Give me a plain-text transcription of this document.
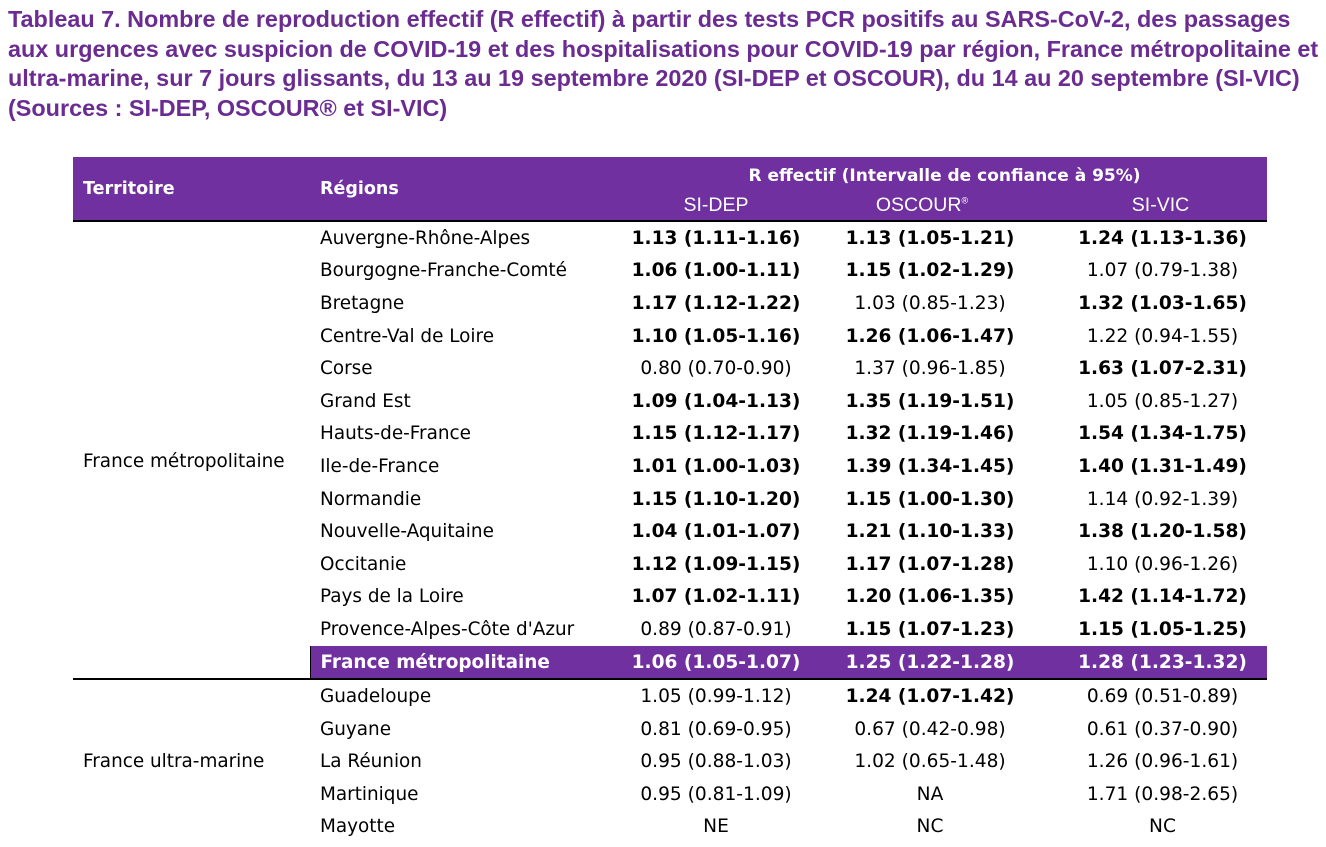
Tableau 7. Nombre de reproduction effectif (R effectif) à partir des tests PCR positifs au SARS-CoV-2, des passages aux urgences avec suspicion de COVID-19 et des hospitalisations pour COVID-19 par région, France métropolitaine et ultra-marine, sur 7 jours glissants, du 13 au 19 septembre 2020 (SI-DEP et OSCOUR), du 14 au 20 septembre (SI-VIC) (Sources : SI-DEP, OSCOUR® et SI-VIC)

Territoire	Régions	R effectif (Intervalle de confiance à 95%)		
		SI-DEP	OSCOUR®	SI-VIC
France métropolitaine	Auvergne-Rhône-Alpes	1.13 (1.11-1.16)	1.13 (1.05-1.21)	1.24 (1.13-1.36)
	Bourgogne-Franche-Comté	1.06 (1.00-1.11)	1.15 (1.02-1.29)	1.07 (0.79-1.38)
	Bretagne	1.17 (1.12-1.22)	1.03 (0.85-1.23)	1.32 (1.03-1.65)
	Centre-Val de Loire	1.10 (1.05-1.16)	1.26 (1.06-1.47)	1.22 (0.94-1.55)
	Corse	0.80 (0.70-0.90)	1.37 (0.96-1.85)	1.63 (1.07-2.31)
	Grand Est	1.09 (1.04-1.13)	1.35 (1.19-1.51)	1.05 (0.85-1.27)
	Hauts-de-France	1.15 (1.12-1.17)	1.32 (1.19-1.46)	1.54 (1.34-1.75)
	Ile-de-France	1.01 (1.00-1.03)	1.39 (1.34-1.45)	1.40 (1.31-1.49)
	Normandie	1.15 (1.10-1.20)	1.15 (1.00-1.30)	1.14 (0.92-1.39)
	Nouvelle-Aquitaine	1.04 (1.01-1.07)	1.21 (1.10-1.33)	1.38 (1.20-1.58)
	Occitanie	1.12 (1.09-1.15)	1.17 (1.07-1.28)	1.10 (0.96-1.26)
	Pays de la Loire	1.07 (1.02-1.11)	1.20 (1.06-1.35)	1.42 (1.14-1.72)
	Provence-Alpes-Côte d'Azur	0.89 (0.87-0.91)	1.15 (1.07-1.23)	1.15 (1.05-1.25)
	France métropolitaine	1.06 (1.05-1.07)	1.25 (1.22-1.28)	1.28 (1.23-1.32)
France ultra-marine	Guadeloupe	1.05 (0.99-1.12)	1.24 (1.07-1.42)	0.69 (0.51-0.89)
	Guyane	0.81 (0.69-0.95)	0.67 (0.42-0.98)	0.61 (0.37-0.90)
	La Réunion	0.95 (0.88-1.03)	1.02 (0.65-1.48)	1.26 (0.96-1.61)
	Martinique	0.95 (0.81-1.09)	NA	1.71 (0.98-2.65)
	Mayotte	NE	NC	NC
